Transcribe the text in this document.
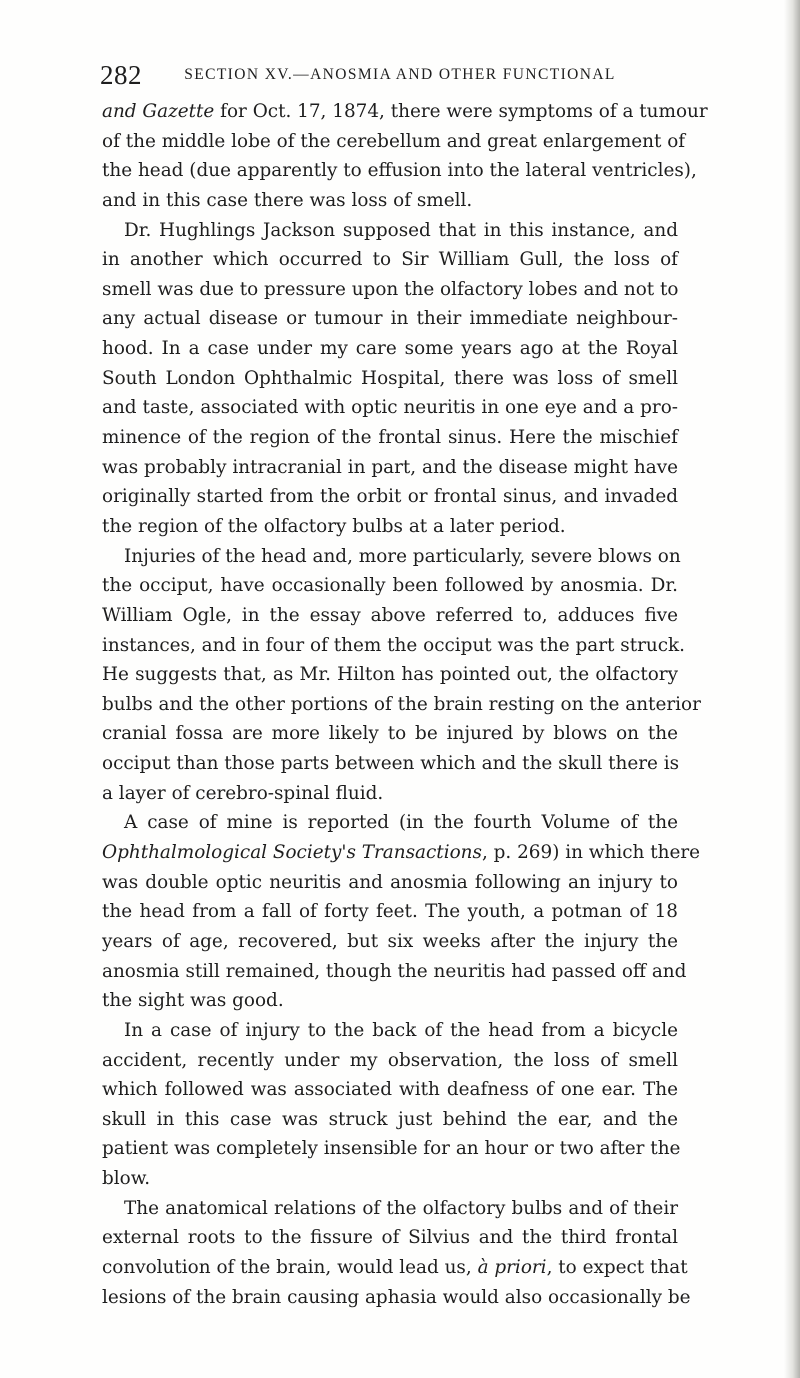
282	SECTION XV.—ANOSMIA AND OTHER FUNCTIONAL
and Gazette for Oct. 17, 1874, there were symptoms of a tumour
of the middle lobe of the cerebellum and great enlargement of
the head (due apparently to effusion into the lateral ventricles),
and in this case there was loss of smell.
Dr. Hughlings Jackson supposed that in this instance, and
in another which occurred to Sir William Gull, the loss of
smell was due to pressure upon the olfactory lobes and not to
any actual disease or tumour in their immediate neighbour-
hood. In a case under my care some years ago at the Royal
South London Ophthalmic Hospital, there was loss of smell
and taste, associated with optic neuritis in one eye and a pro-
minence of the region of the frontal sinus. Here the mischief
was probably intracranial in part, and the disease might have
originally started from the orbit or frontal sinus, and invaded
the region of the olfactory bulbs at a later period.
Injuries of the head and, more particularly, severe blows on
the occiput, have occasionally been followed by anosmia. Dr.
William Ogle, in the essay above referred to, adduces five
instances, and in four of them the occiput was the part struck.
He suggests that, as Mr. Hilton has pointed out, the olfactory
bulbs and the other portions of the brain resting on the anterior
cranial fossa are more likely to be injured by blows on the
occiput than those parts between which and the skull there is
a layer of cerebro-spinal fluid.
A case of mine is reported (in the fourth Volume of the
Ophthalmological Society's Transactions, p. 269) in which there
was double optic neuritis and anosmia following an injury to
the head from a fall of forty feet. The youth, a potman of 18
years of age, recovered, but six weeks after the injury the
anosmia still remained, though the neuritis had passed off and
the sight was good.
In a case of injury to the back of the head from a bicycle
accident, recently under my observation, the loss of smell
which followed was associated with deafness of one ear. The
skull in this case was struck just behind the ear, and the
patient was completely insensible for an hour or two after the
blow.
The anatomical relations of the olfactory bulbs and of their
external roots to the fissure of Silvius and the third frontal
convolution of the brain, would lead us, à priori, to expect that
lesions of the brain causing aphasia would also occasionally be
